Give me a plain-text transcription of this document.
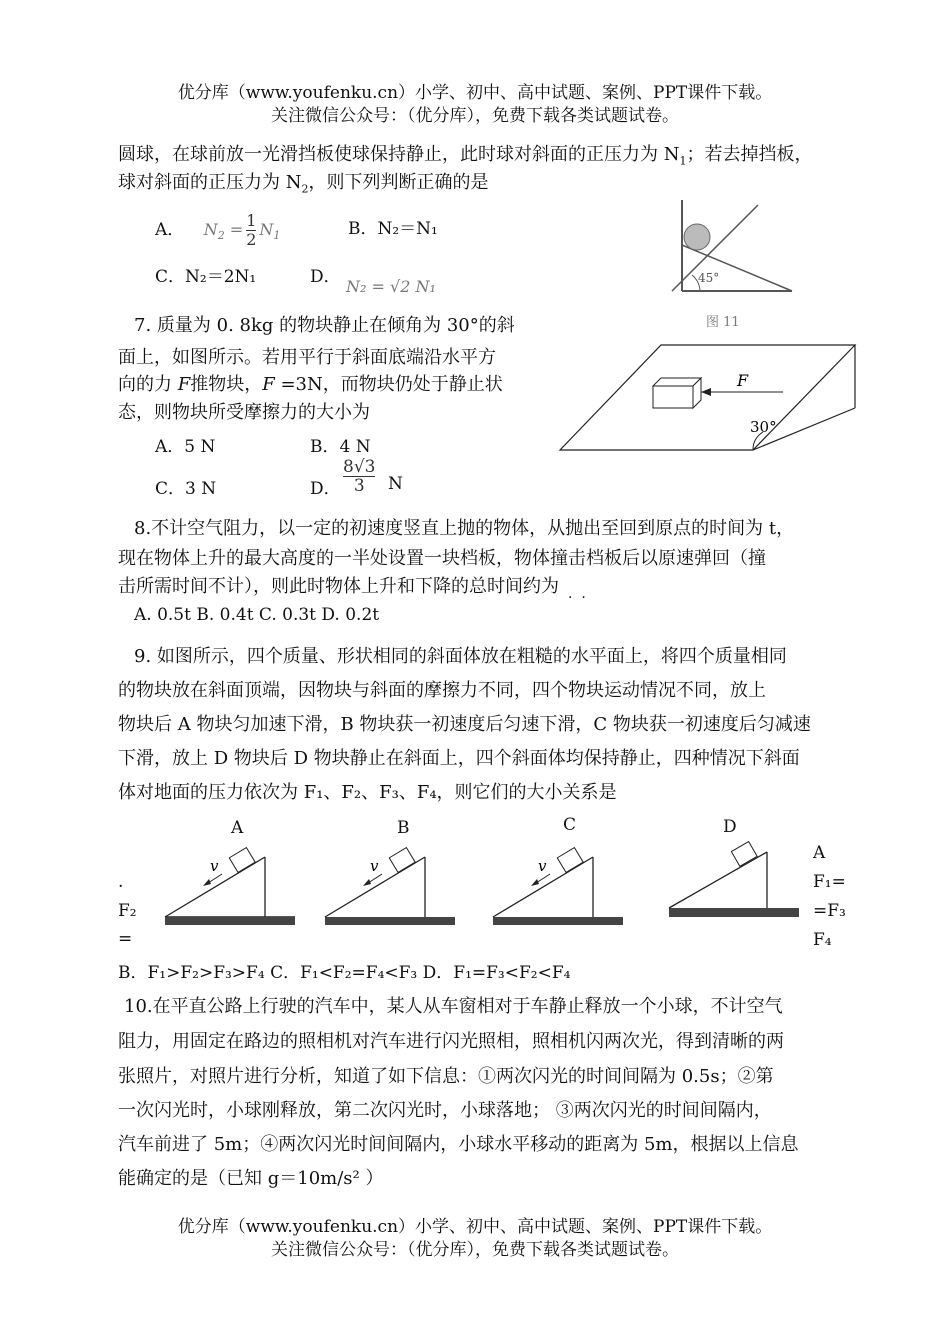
优分库（www.youfenku.cn）小学、初中、高中试题、案例、PPT课件下载。
关注微信公众号：（优分库），免费下载各类试题试卷。
圆球，在球前放一光滑挡板使球保持静止，此时球对斜面的正压力为 $N_1$；若去掉挡板，
球对斜面的正压力为 $N_2$，则下列判断正确的是
A． $N_2 = \frac{1}{2} N_1$	B．N₂＝N₁
C．N₂＝2N₁	D． N₂ = √2 N₁	45°
图 11
7. 质量为 0. 8kg 的物块静止在倾角为 30°的斜
面上，如图所示。若用平行于斜面底端沿水平方
向的力 F推物块，F =3N，而物块仍处于静止状
态，则物块所受摩擦力的大小为
A．5 N	B．4 N
C．3 N	D． $\frac{8√3}{3}$ N
F
30°
8.不计空气阻力，以一定的初速度竖直上抛的物体，从抛出至回到原点的时间为 t，
现在物体上升的最大高度的一半处设置一块档板，物体撞击档板后以原速弹回（撞
击所需时间不计），则此时物体上升和下降的总时间约为
·  ·
A. 0.5t B. 0.4t C. 0.3t D. 0.2t
9. 如图所示，四个质量、形状相同的斜面体放在粗糙的水平面上，将四个质量相同
的物块放在斜面顶端，因物块与斜面的摩擦力不同，四个物块运动情况不同，放上
物块后 A 物块匀加速下滑，B 物块获一初速度后匀速下滑，C 物块获一初速度后匀减速
下滑，放上 D 物块后 D 物块静止在斜面上，四个斜面体均保持静止，四种情况下斜面
体对地面的压力依次为 F₁、F₂、F₃、F₄，则它们的大小关系是
A	B	C	D
v	v	v
A
F₁=
=F₃
F₄
.
F₂
=
B．F₁>F₂>F₃>F₄ C．F₁<F₂=F₄<F₃ D．F₁=F₃<F₂<F₄
10.在平直公路上行驶的汽车中，某人从车窗相对于车静止释放一个小球，不计空气
阻力，用固定在路边的照相机对汽车进行闪光照相，照相机闪两次光，得到清晰的两
张照片，对照片进行分析，知道了如下信息：①两次闪光的时间间隔为 0.5s；②第
一次闪光时，小球刚释放，第二次闪光时，小球落地； ③两次闪光的时间间隔内，
汽车前进了 5m；④两次闪光时间间隔内，小球水平移动的距离为 5m，根据以上信息
能确定的是（已知 g＝10m/s² ）
优分库（www.youfenku.cn）小学、初中、高中试题、案例、PPT课件下载。
关注微信公众号：（优分库），免费下载各类试题试卷。
